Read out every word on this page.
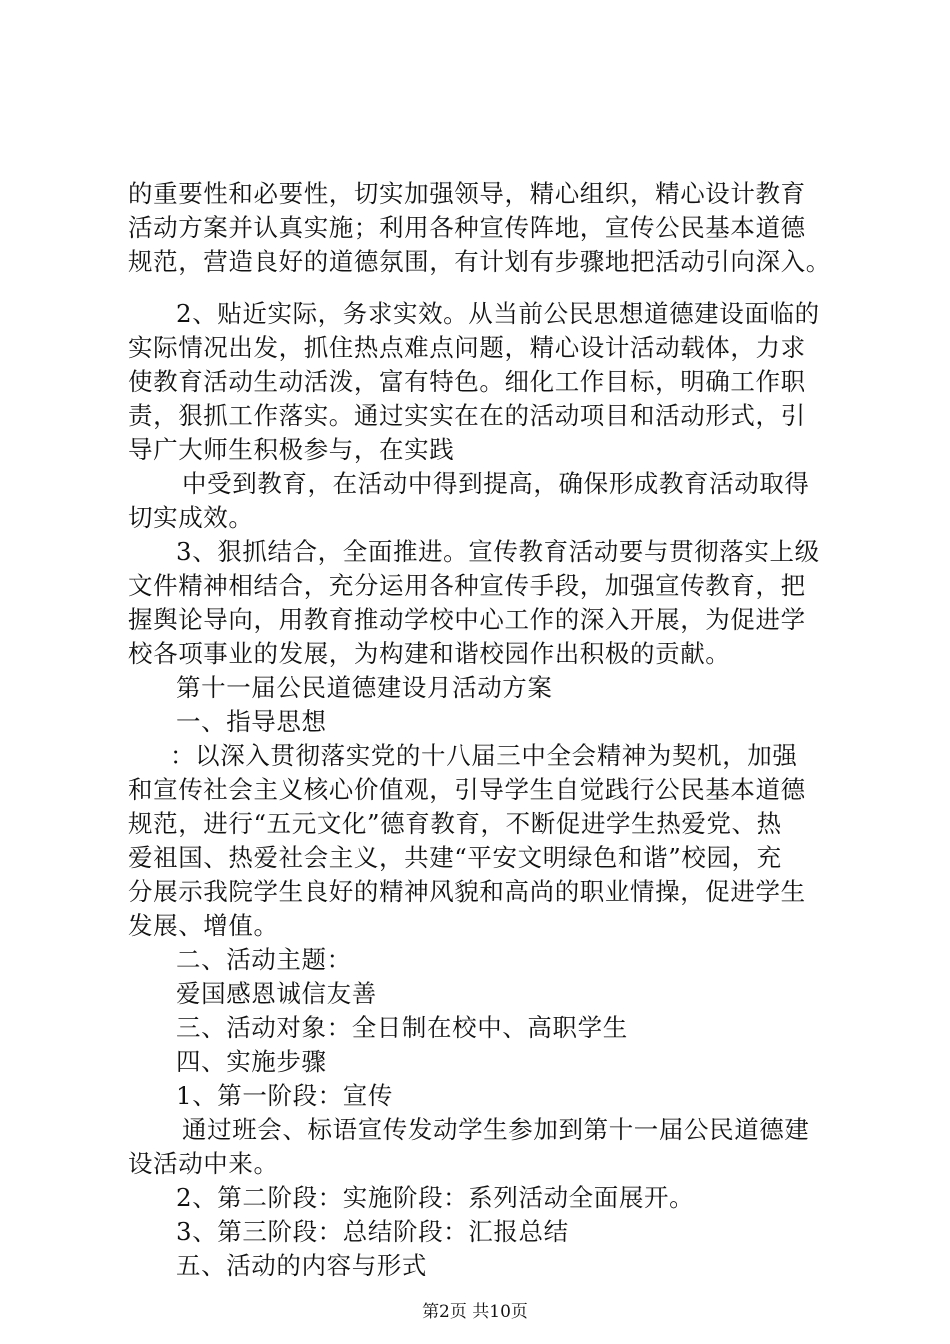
的重要性和必要性，切实加强领导，精心组织，精心设计教育

活动方案并认真实施；利用各种宣传阵地，宣传公民基本道德

规范，营造良好的道德氛围，有计划有步骤地把活动引向深入。

2、贴近实际，务求实效。从当前公民思想道德建设面临的

实际情况出发，抓住热点难点问题，精心设计活动载体，力求

使教育活动生动活泼，富有特色。细化工作目标，明确工作职

责，狠抓工作落实。通过实实在在的活动项目和活动形式，引

导广大师生积极参与，在实践

中受到教育，在活动中得到提高，确保形成教育活动取得

切实成效。

3、狠抓结合，全面推进。宣传教育活动要与贯彻落实上级

文件精神相结合，充分运用各种宣传手段，加强宣传教育，把

握舆论导向，用教育推动学校中心工作的深入开展，为促进学

校各项事业的发展，为构建和谐校园作出积极的贡献。

第十一届公民道德建设月活动方案

一、指导思想

：以深入贯彻落实党的十八届三中全会精神为契机，加强

和宣传社会主义核心价值观，引导学生自觉践行公民基本道德

规范，进行“五元文化”德育教育，不断促进学生热爱党、热

爱祖国、热爱社会主义，共建“平安文明绿色和谐”校园，充

分展示我院学生良好的精神风貌和高尚的职业情操，促进学生

发展、增值。

二、活动主题：

爱国感恩诚信友善

三、活动对象：全日制在校中、高职学生

四、实施步骤

1、第一阶段：宣传

通过班会、标语宣传发动学生参加到第十一届公民道德建

设活动中来。

2、第二阶段：实施阶段：系列活动全面展开。

3、第三阶段：总结阶段：汇报总结

五、活动的内容与形式

第2页 共10页
